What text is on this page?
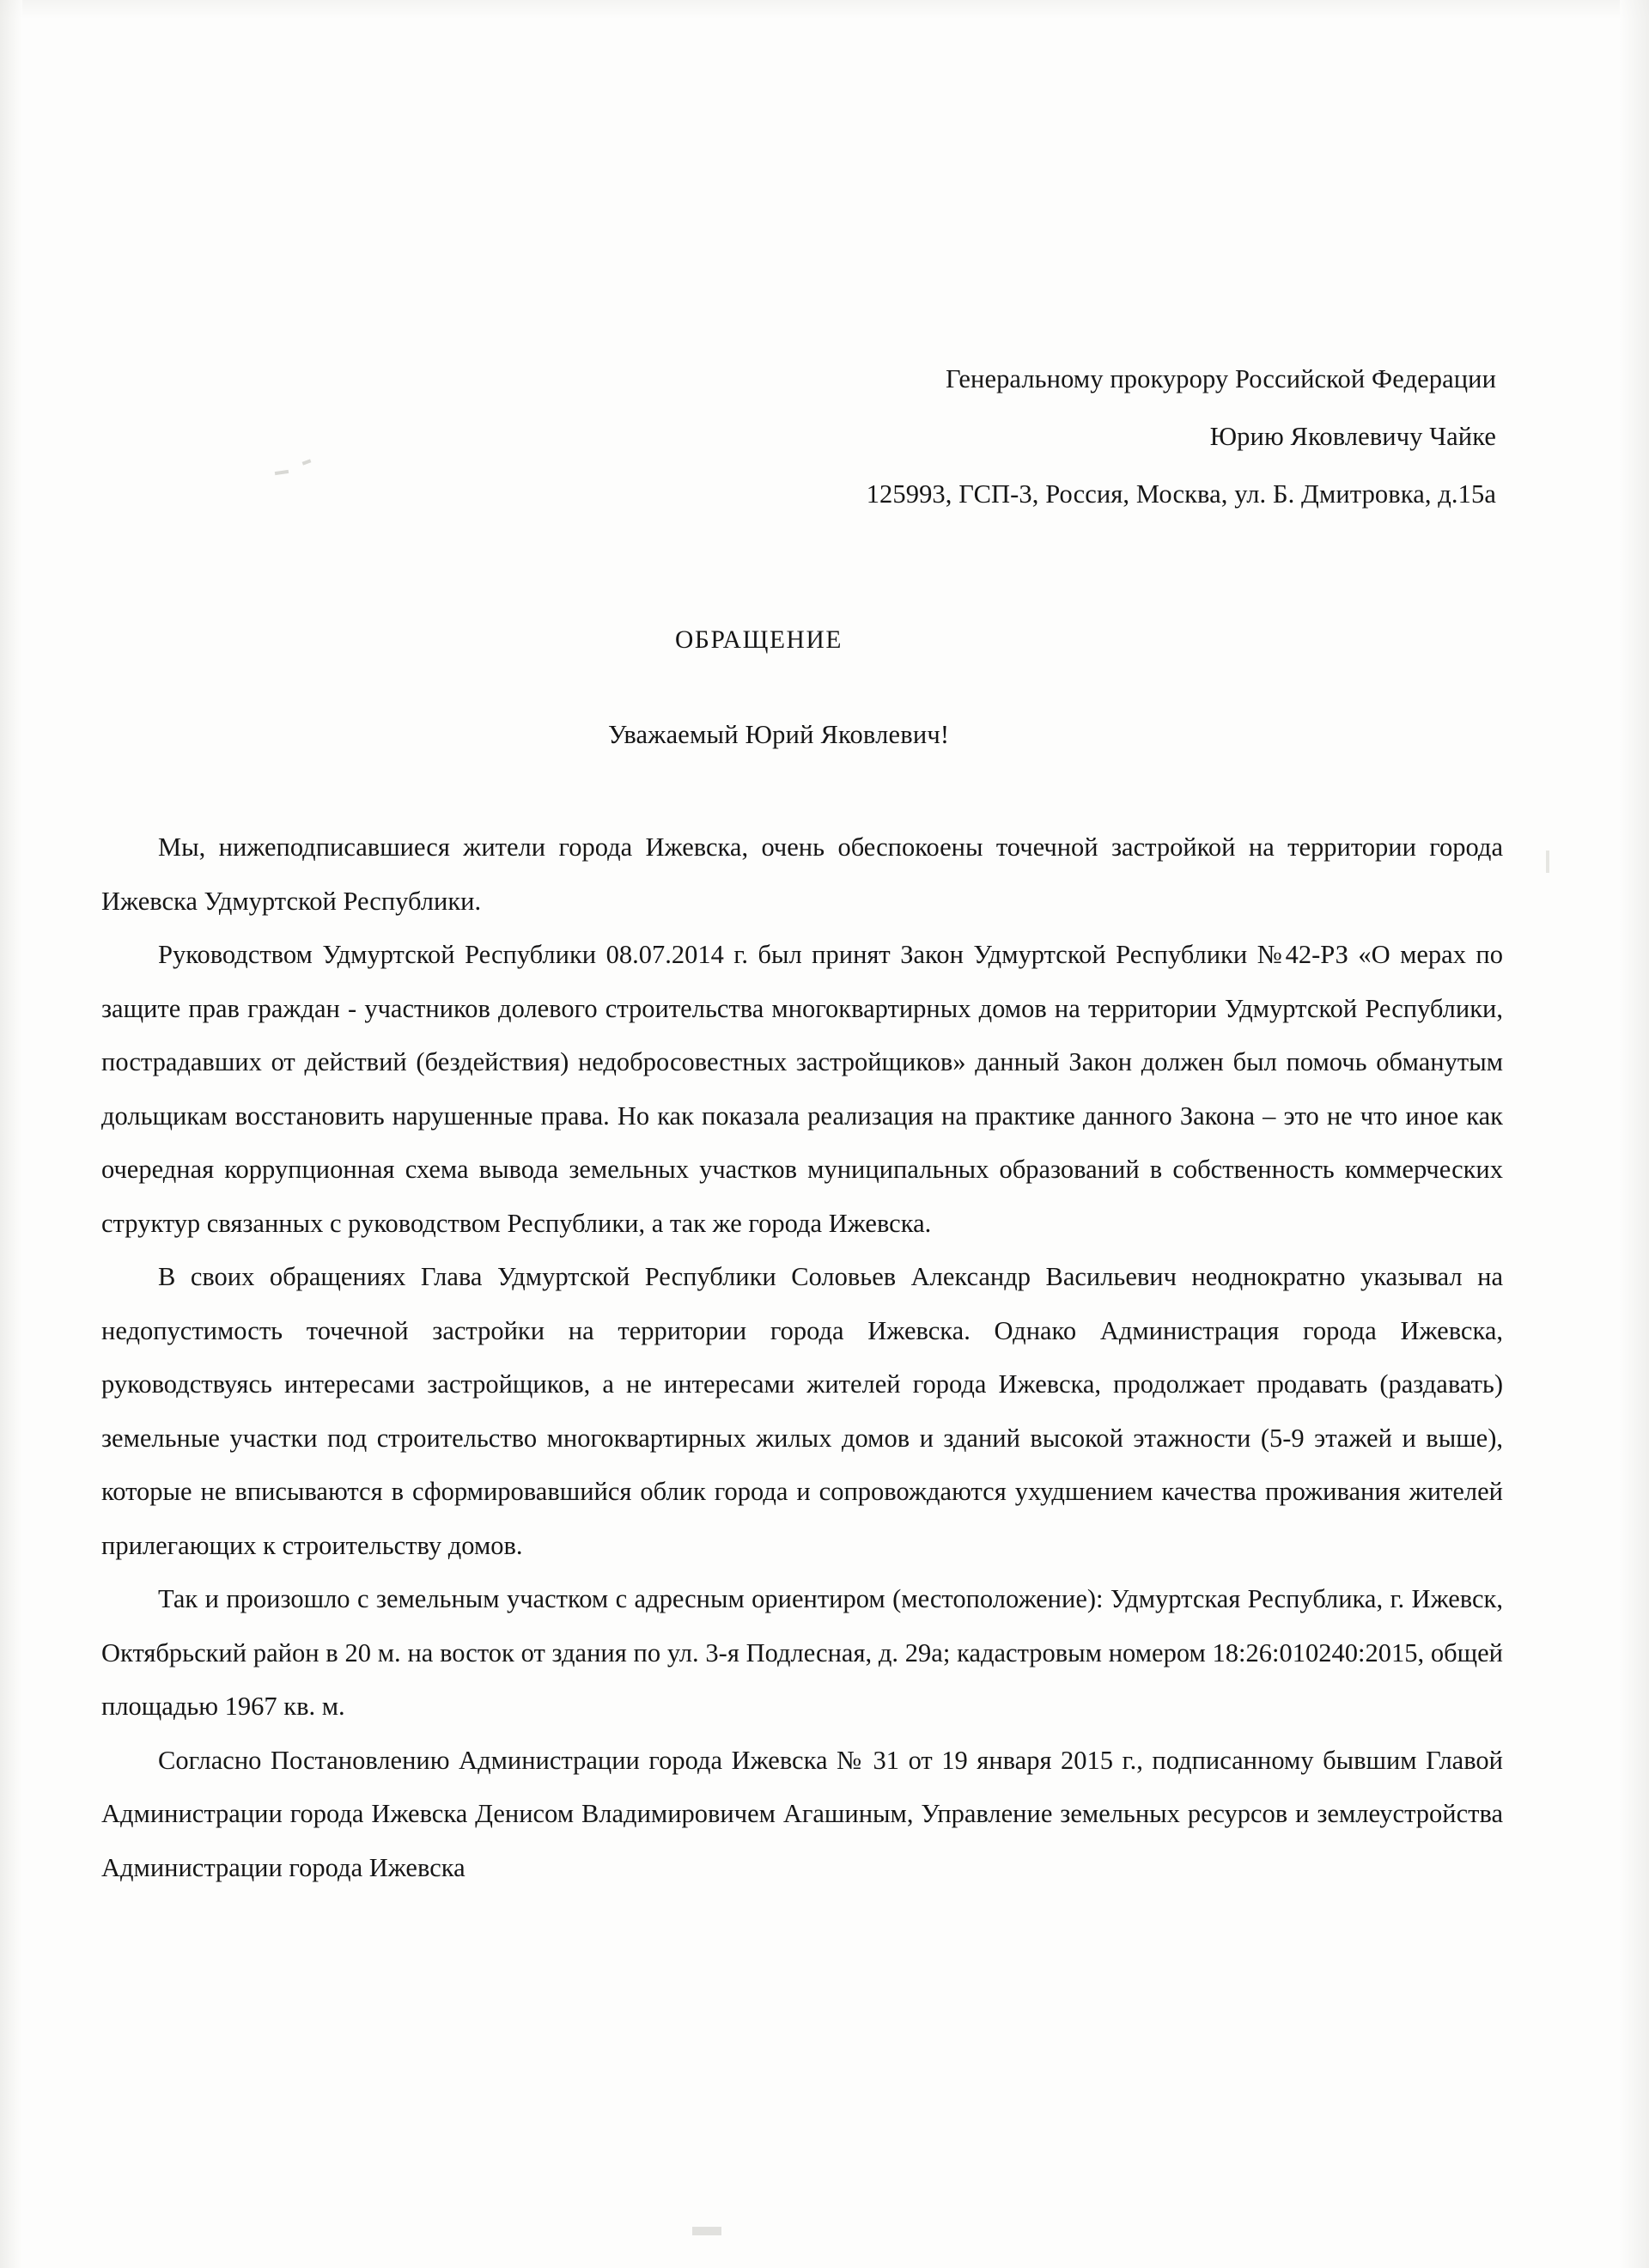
Генеральному прокурору Российской Федерации
Юрию Яковлевичу Чайке
125993, ГСП-3, Россия, Москва, ул. Б. Дмитровка, д.15а
ОБРАЩЕНИЕ
Уважаемый Юрий Яковлевич!

Мы, нижеподписавшиеся жители города Ижевска, очень обеспокоены точечной застройкой на территории города Ижевска Удмуртской Республики.

Руководством Удмуртской Республики 08.07.2014 г. был принят Закон Удмуртской Республики №42-РЗ «О мерах по защите прав граждан - участников долевого строительства многоквартирных домов на территории Удмуртской Республики, пострадавших от действий (бездействия) недобросовестных застройщиков» данный Закон должен был помочь обманутым дольщикам восстановить нарушенные права. Но как показала реализация на практике данного Закона – это не что иное как очередная коррупционная схема вывода земельных участков муниципальных образований в собственность коммерческих структур связанных с руководством Республики, а так же города Ижевска.

В своих обращениях Глава Удмуртской Республики Соловьев Александр Васильевич неоднократно указывал на недопустимость точечной застройки на территории города Ижевска. Однако Администрация города Ижевска, руководствуясь интересами застройщиков, а не интересами жителей города Ижевска, продолжает продавать (раздавать) земельные участки под строительство многоквартирных жилых домов и зданий высокой этажности (5-9 этажей и выше), которые не вписываются в сформировавшийся облик города и сопровождаются ухудшением качества проживания жителей прилегающих к строительству домов.

Так и произошло с земельным участком с адресным ориентиром (местоположение): Удмуртская Республика, г. Ижевск, Октябрьский район в 20 м. на восток от здания по ул. 3-я Подлесная, д. 29а; кадастровым номером 18:26:010240:2015, общей площадью 1967 кв. м.

Согласно Постановлению Администрации города Ижевска № 31 от 19 января 2015 г., подписанному бывшим Главой Администрации города Ижевска Денисом Владимировичем Агашиным, Управление земельных ресурсов и землеустройства Администрации города Ижевска
